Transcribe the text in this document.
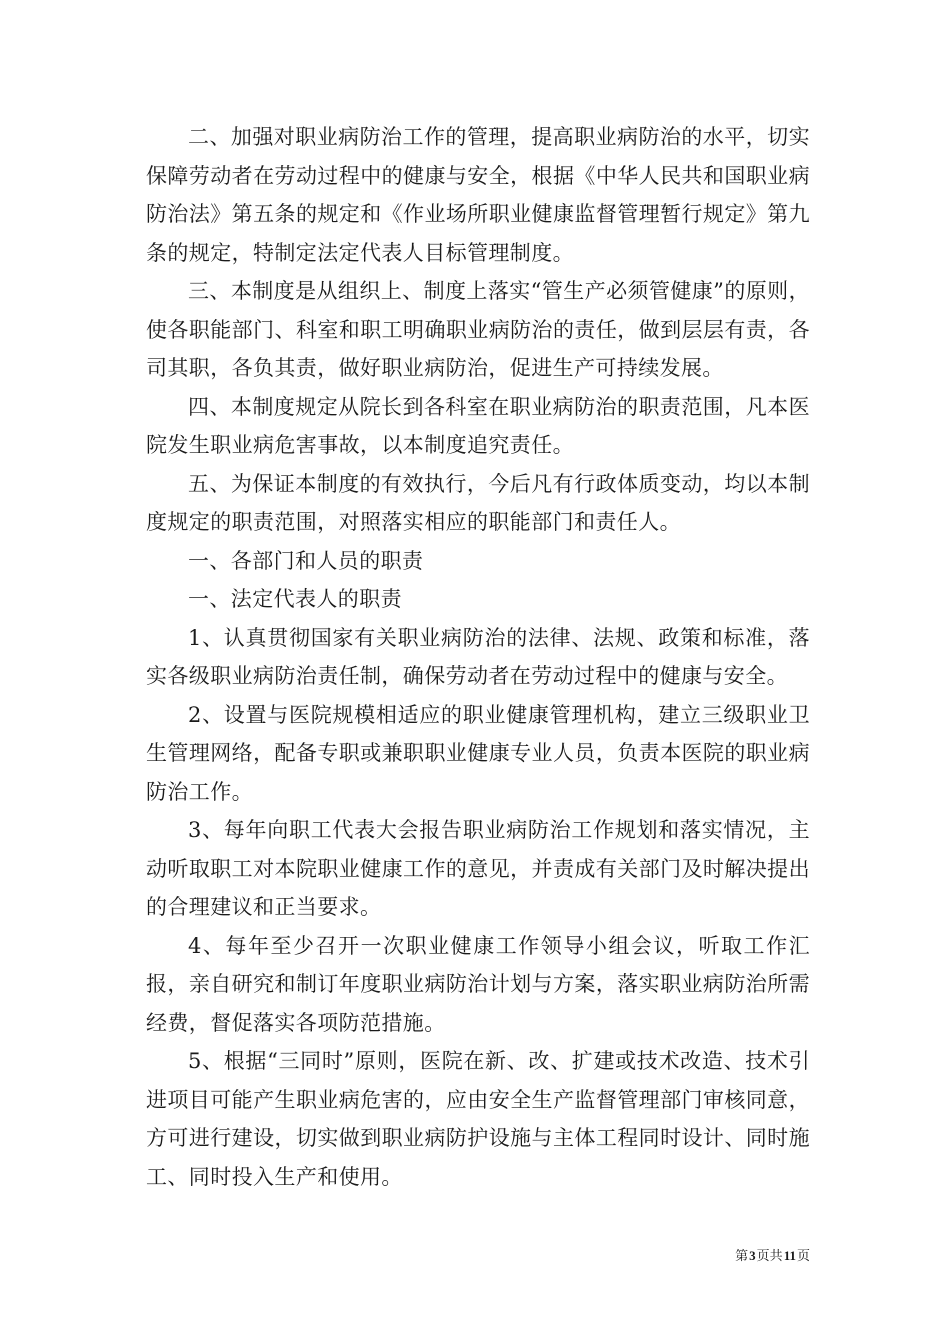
二、加强对职业病防治工作的管理，提高职业病防治的水平，切实保障劳动者在劳动过程中的健康与安全，根据《中华人民共和国职业病防治法》第五条的规定和《作业场所职业健康监督管理暂行规定》第九条的规定，特制定法定代表人目标管理制度。

三、本制度是从组织上、制度上落实“管生产必须管健康”的原则，使各职能部门、科室和职工明确职业病防治的责任，做到层层有责，各司其职，各负其责，做好职业病防治，促进生产可持续发展。

四、本制度规定从院长到各科室在职业病防治的职责范围，凡本医院发生职业病危害事故，以本制度追究责任。

五、为保证本制度的有效执行，今后凡有行政体质变动，均以本制度规定的职责范围，对照落实相应的职能部门和责任人。

一、各部门和人员的职责

一、法定代表人的职责

1、认真贯彻国家有关职业病防治的法律、法规、政策和标准，落实各级职业病防治责任制，确保劳动者在劳动过程中的健康与安全。

2、设置与医院规模相适应的职业健康管理机构，建立三级职业卫生管理网络，配备专职或兼职职业健康专业人员，负责本医院的职业病防治工作。

3、每年向职工代表大会报告职业病防治工作规划和落实情况，主动听取职工对本院职业健康工作的意见，并责成有关部门及时解决提出的合理建议和正当要求。

4、每年至少召开一次职业健康工作领导小组会议，听取工作汇报，亲自研究和制订年度职业病防治计划与方案，落实职业病防治所需经费，督促落实各项防范措施。

5、根据“三同时”原则，医院在新、改、扩建或技术改造、技术引进项目可能产生职业病危害的，应由安全生产监督管理部门审核同意，方可进行建设，切实做到职业病防护设施与主体工程同时设计、同时施工、同时投入生产和使用。

第3页共11页
